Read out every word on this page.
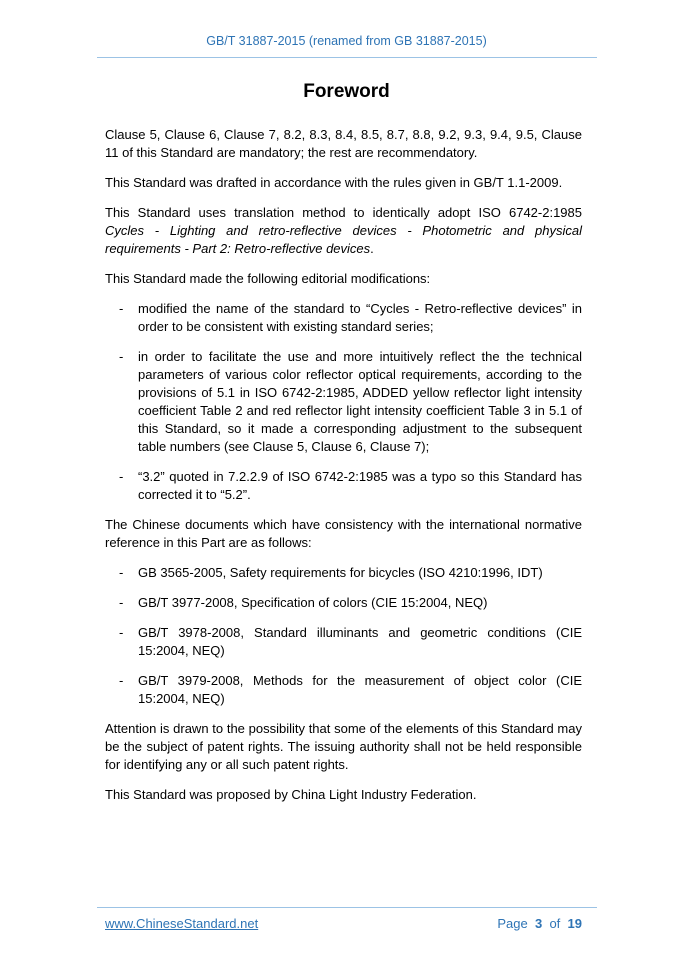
GB/T 31887-2015 (renamed from GB 31887-2015)
Foreword

Clause 5, Clause 6, Clause 7, 8.2, 8.3, 8.4, 8.5, 8.7, 8.8, 9.2, 9.3, 9.4, 9.5, Clause 11 of this Standard are mandatory; the rest are recommendatory.

This Standard was drafted in accordance with the rules given in GB/T 1.1-2009.

This Standard uses translation method to identically adopt ISO 6742-2:1985 Cycles - Lighting and retro-reflective devices - Photometric and physical requirements - Part 2: Retro-reflective devices.

This Standard made the following editorial modifications:

- modified the name of the standard to “Cycles - Retro-reflective devices” in order to be consistent with existing standard series;
- in order to facilitate the use and more intuitively reflect the the technical parameters of various color reflector optical requirements, according to the provisions of 5.1 in ISO 6742-2:1985, ADDED yellow reflector light intensity coefficient Table 2 and red reflector light intensity coefficient Table 3 in 5.1 of this Standard, so it made a corresponding adjustment to the subsequent table numbers (see Clause 5, Clause 6, Clause 7);
- “3.2” quoted in 7.2.2.9 of ISO 6742-2:1985 was a typo so this Standard has corrected it to “5.2”.

The Chinese documents which have consistency with the international normative reference in this Part are as follows:

- GB 3565-2005, Safety requirements for bicycles (ISO 4210:1996, IDT)
- GB/T 3977-2008, Specification of colors (CIE 15:2004, NEQ)
- GB/T 3978-2008, Standard illuminants and geometric conditions (CIE 15:2004, NEQ)
- GB/T 3979-2008, Methods for the measurement of object color (CIE 15:2004, NEQ)

Attention is drawn to the possibility that some of the elements of this Standard may be the subject of patent rights. The issuing authority shall not be held responsible for identifying any or all such patent rights.

This Standard was proposed by China Light Industry Federation.

www.ChineseStandard.net	Page 3 of 19
